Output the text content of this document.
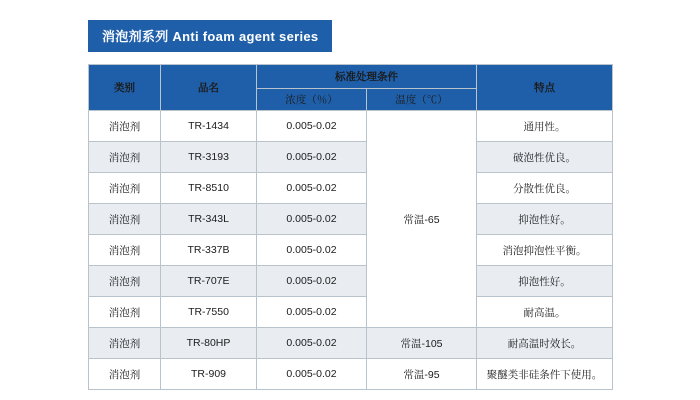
消泡剂系列 Anti foam agent series
类别	品名	标准处理条件		特点
		浓度（％）	温度（℃）	
消泡剂	TR-1434	0.005-0.02	常温-65	通用性。
消泡剂	TR-3193	0.005-0.02		破泡性优良。
消泡剂	TR-8510	0.005-0.02		分散性优良。
消泡剂	TR-343L	0.005-0.02		抑泡性好。
消泡剂	TR-337B	0.005-0.02		消泡抑泡性平衡。
消泡剂	TR-707E	0.005-0.02		抑泡性好。
消泡剂	TR-7550	0.005-0.02		耐高温。
消泡剂	TR-80HP	0.005-0.02	常温-105	耐高温时效长。
消泡剂	TR-909	0.005-0.02	常温-95	聚醚类非硅条件下使用。
